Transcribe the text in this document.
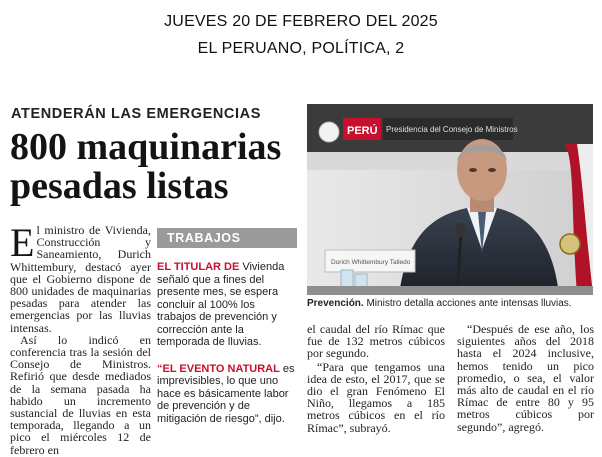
JUEVES 20 DE FEBRERO DEL 2025
EL PERUANO, POLÍTICA, 2
ATENDERÁN LAS EMERGENCIAS
800 maquinarias
pesadas listas

El ministro de Vivienda, Construcción y Saneamiento, Durich Whittembury, destacó ayer que el Gobierno dispone de 800 unidades de maquinarias pesadas para atender las emergencias por las lluvias intensas.

Así lo indicó en conferencia tras la sesión del Consejo de Ministros. Refirió que desde mediados de la semana pasada ha habido un incremento sustancial de lluvias en esta temporada, llegando a un pico el miércoles 12 de febrero en

TRABAJOS
EL TITULAR DE Vivienda señaló que a fines del presente mes, se espera concluir al 100% los trabajos de prevención y corrección ante la temporada de lluvias.
“EL EVENTO NATURAL es imprevisibles, lo que uno hace es básicamente labor de prevención y de mitigación de riesgo”, dijo.
PERÚ Presidencia del Consejo de Ministros
Durich Whittembury Talledo
Prevención. Ministro detalla acciones ante intensas lluvias.

el caudal del río Rímac que fue de 132 metros cúbicos por segundo.

“Para que tengamos una idea de esto, el 2017, que se dio el gran Fenómeno El Niño, llegamos a 185 metros cúbicos en el río Rímac”, subrayó.

“Después de ese año, los siguientes años del 2018 hasta el 2024 inclusive, hemos tenido un pico promedio, o sea, el valor más alto de caudal en el río Rímac de entre 80 y 95 metros cúbicos por segundo”, agregó.
